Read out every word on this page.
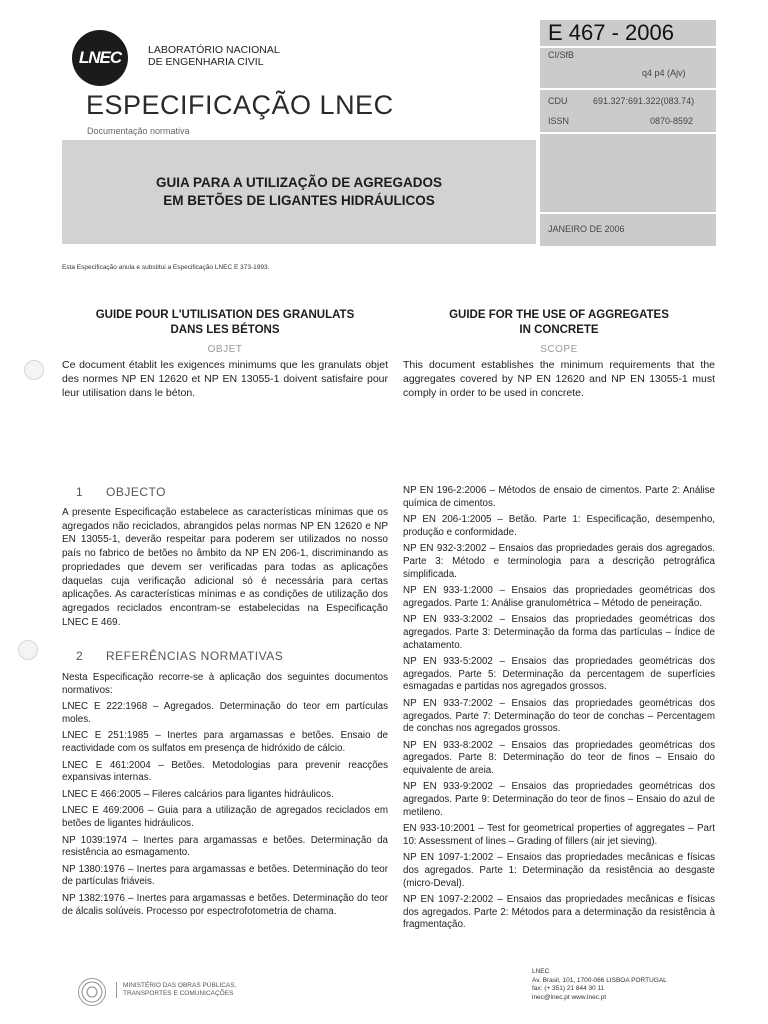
LNEC	LABORATÓRIO NACIONAL
DE ENGENHARIA CIVIL
ESPECIFICAÇÃO LNEC
Documentação normativa
GUIA PARA A UTILIZAÇÃO DE AGREGADOS
EM BETÕES DE LIGANTES HIDRÁULICOS
E 467 - 2006
CI/SfB
q4 p4 (Ajv)
CDU	691.327:691.322(083.74)
ISSN	0870-8592
JANEIRO DE 2006
Esta Especificação anula e substitui a Especificação LNEC E 373-1993.
GUIDE POUR L'UTILISATION DES GRANULATS
DANS LES BÉTONS
OBJET
Ce document établit les exigences minimums que les granulats objet des normes NP EN 12620 et NP EN 13055-1 doivent satisfaire pour leur utilisation dans le béton.
GUIDE FOR THE USE OF AGGREGATES
IN CONCRETE
SCOPE
This document establishes the minimum requirements that the aggregates covered by NP EN 12620 and NP EN 13055-1 must comply in order to be used in concrete.
1 OBJECTO
A presente Especificação estabelece as características mínimas que os agregados não reciclados, abrangidos pelas normas NP EN 12620 e NP EN 13055-1, deverão respeitar para poderem ser utilizados no nosso país no fabrico de betões no âmbito da NP EN 206-1, discriminando as propriedades que devem ser verificadas para todas as aplicações daquelas cuja verificação adicional só é necessária para certas aplicações. As características mínimas e as condições de utilização dos agregados reciclados encontram-se estabelecidas na Especificação LNEC E 469.
2 REFERÊNCIAS NORMATIVAS

Nesta Especificação recorre-se à aplicação dos seguintes documentos normativos:

LNEC E 222:1968 – Agregados. Determinação do teor em partículas moles.

LNEC E 251:1985 – Inertes para argamassas e betões. Ensaio de reactividade com os sulfatos em presença de hidróxido de cálcio.

LNEC E 461:2004 – Betões. Metodologias para prevenir reacções expansivas internas.

LNEC E 466:2005 – Fileres calcários para ligantes hidráulicos.

LNEC E 469:2006 – Guia para a utilização de agregados reciclados em betões de ligantes hidráulicos.

NP 1039:1974 – Inertes para argamassas e betões. Determinação da resistência ao esmagamento.

NP 1380:1976 – Inertes para argamassas e betões. Determinação do teor de partículas friáveis.

NP 1382:1976 – Inertes para argamassas e betões. Determinação do teor de álcalis solúveis. Processo por espectrofotometria de chama.

NP EN 196-2:2006 – Métodos de ensaio de cimentos. Parte 2: Análise química de cimentos.

NP EN 206-1:2005 – Betão. Parte 1: Especificação, desempenho, produção e conformidade.

NP EN 932-3:2002 – Ensaios das propriedades gerais dos agregados. Parte 3: Método e terminologia para a descrição petrográfica simplificada.

NP EN 933-1:2000 – Ensaios das propriedades geométricas dos agregados. Parte 1: Análise granulométrica – Método de peneiração.

NP EN 933-3:2002 – Ensaios das propriedades geométricas dos agregados. Parte 3: Determinação da forma das partículas – Índice de achatamento.

NP EN 933-5:2002 – Ensaios das propriedades geométricas dos agregados. Parte 5: Determinação da percentagem de superfícies esmagadas e partidas nos agregados grossos.

NP EN 933-7:2002 – Ensaios das propriedades geométricas dos agregados. Parte 7: Determinação do teor de conchas – Percentagem de conchas nos agregados grossos.

NP EN 933-8:2002 – Ensaios das propriedades geométricas dos agregados. Parte 8: Determinação do teor de finos – Ensaio do equivalente de areia.

NP EN 933-9:2002 – Ensaios das propriedades geométricas dos agregados. Parte 9: Determinação do teor de finos – Ensaio do azul de metileno.

EN 933-10:2001 – Test for geometrical properties of aggregates – Part 10: Assessment of lines – Grading of fillers (air jet sieving).

NP EN 1097-1:2002 – Ensaios das propriedades mecânicas e físicas dos agregados. Parte 1: Determinação da resistência ao desgaste (micro-Deval).

NP EN 1097-2:2002 – Ensaios das propriedades mecânicas e físicas dos agregados. Parte 2: Métodos para a determinação da resistência à fragmentação.

MINISTÉRIO DAS OBRAS PÚBLICAS,
TRANSPORTES E COMUNICAÇÕES
LNEC
Av. Brasil, 101, 1700-066 LISBOA PORTUGAL
fax: (+ 351) 21 844 30 11
lnec@lnec.pt www.lnec.pt
